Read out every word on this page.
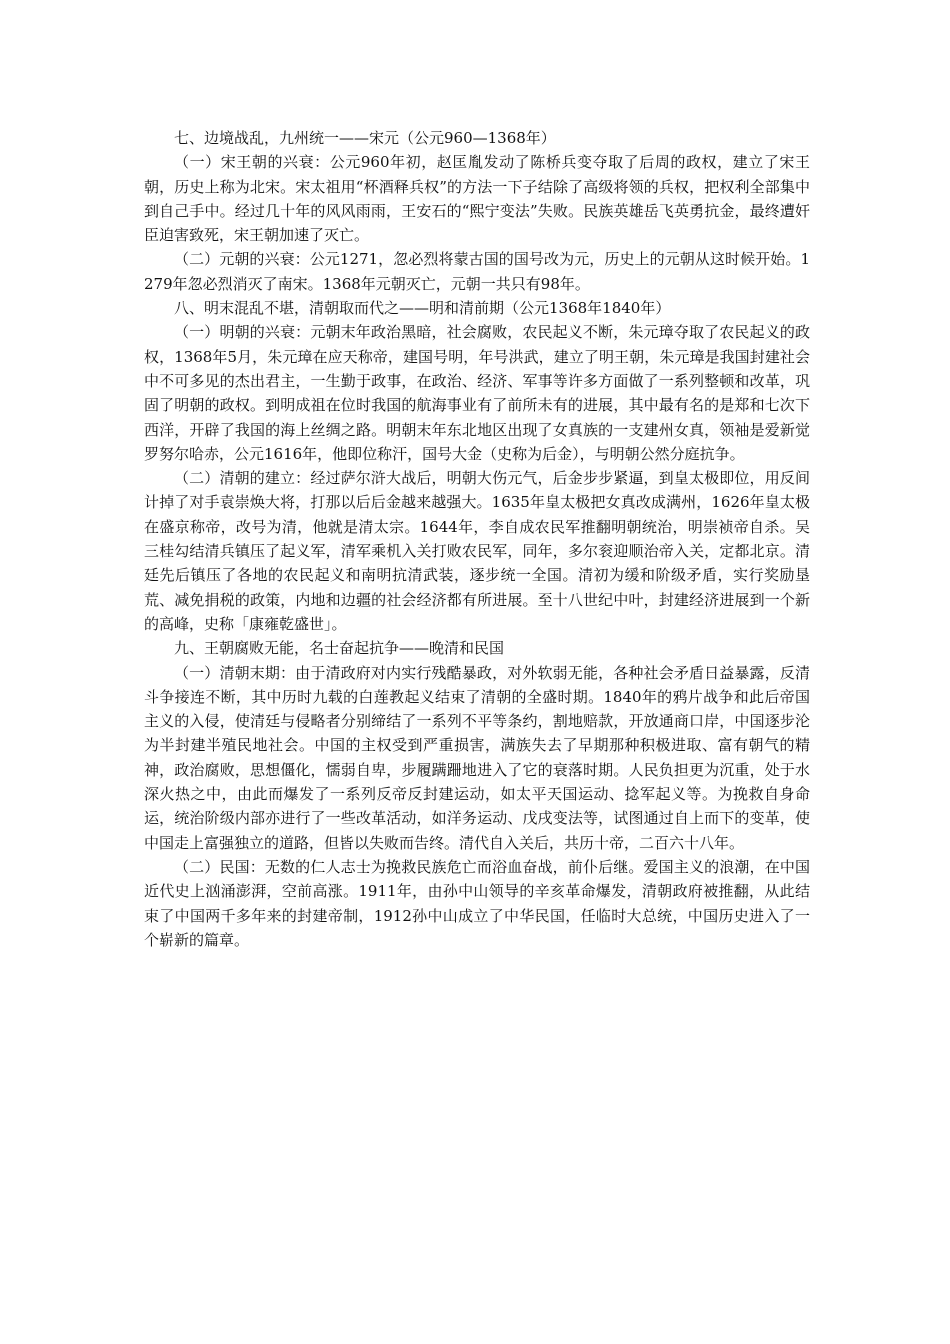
七、边境战乱，九州统一——宋元（公元960—1368年）

（一）宋王朝的兴衰：公元960年初，赵匡胤发动了陈桥兵变夺取了后周的政权，建立了宋王朝，历史上称为北宋。宋太祖用“杯酒释兵权”的方法一下子结除了高级将领的兵权，把权利全部集中到自己手中。经过几十年的风风雨雨，王安石的“熙宁变法”失败。民族英雄岳飞英勇抗金，最终遭奸臣迫害致死，宋王朝加速了灭亡。

（二）元朝的兴衰：公元1271，忽必烈将蒙古国的国号改为元，历史上的元朝从这时候开始。1279年忽必烈消灭了南宋。1368年元朝灭亡，元朝一共只有98年。

八、明末混乱不堪，清朝取而代之——明和清前期（公元1368年1840年）

（一）明朝的兴衰：元朝末年政治黑暗，社会腐败，农民起义不断，朱元璋夺取了农民起义的政权，1368年5月，朱元璋在应天称帝，建国号明，年号洪武，建立了明王朝，朱元璋是我国封建社会中不可多见的杰出君主，一生勤于政事，在政治、经济、军事等许多方面做了一系列整顿和改革，巩固了明朝的政权。到明成祖在位时我国的航海事业有了前所未有的进展，其中最有名的是郑和七次下西洋，开辟了我国的海上丝绸之路。明朝末年东北地区出现了女真族的一支建州女真，领袖是爱新觉罗努尔哈赤，公元1616年，他即位称汗，国号大金（史称为后金），与明朝公然分庭抗争。

（二）清朝的建立：经过萨尔浒大战后，明朝大伤元气，后金步步紧逼，到皇太极即位，用反间计掉了对手袁崇焕大将，打那以后后金越来越强大。1635年皇太极把女真改成满州，1626年皇太极在盛京称帝，改号为清，他就是清太宗。1644年，李自成农民军推翻明朝统治，明崇祯帝自杀。吴三桂勾结清兵镇压了起义军，清军乘机入关打败农民军，同年，多尔衮迎顺治帝入关，定都北京。清廷先后镇压了各地的农民起义和南明抗清武装，逐步统一全国。清初为缓和阶级矛盾，实行奖励垦荒、减免捐税的政策，内地和边疆的社会经济都有所进展。至十八世纪中叶，封建经济进展到一个新的高峰，史称「康雍乾盛世」。

九、王朝腐败无能，名士奋起抗争——晚清和民国

（一）清朝末期：由于清政府对内实行残酷暴政，对外软弱无能，各种社会矛盾日益暴露，反清斗争接连不断，其中历时九载的白莲教起义结束了清朝的全盛时期。1840年的鸦片战争和此后帝国主义的入侵，使清廷与侵略者分别缔结了一系列不平等条约，割地赔款，开放通商口岸，中国逐步沦为半封建半殖民地社会。中国的主权受到严重损害，满族失去了早期那种积极进取、富有朝气的精神，政治腐败，思想僵化，懦弱自卑，步履蹒跚地进入了它的衰落时期。人民负担更为沉重，处于水深火热之中，由此而爆发了一系列反帝反封建运动，如太平天国运动、捻军起义等。为挽救自身命运，统治阶级内部亦进行了一些改革活动，如洋务运动、戊戌变法等，试图通过自上而下的变革，使中国走上富强独立的道路，但皆以失败而告终。清代自入关后，共历十帝，二百六十八年。

（二）民国：无数的仁人志士为挽救民族危亡而浴血奋战，前仆后继。爱国主义的浪潮，在中国近代史上汹涌澎湃，空前高涨。1911年，由孙中山领导的辛亥革命爆发，清朝政府被推翻，从此结束了中国两千多年来的封建帝制，1912孙中山成立了中华民国，任临时大总统，中国历史进入了一个崭新的篇章。
